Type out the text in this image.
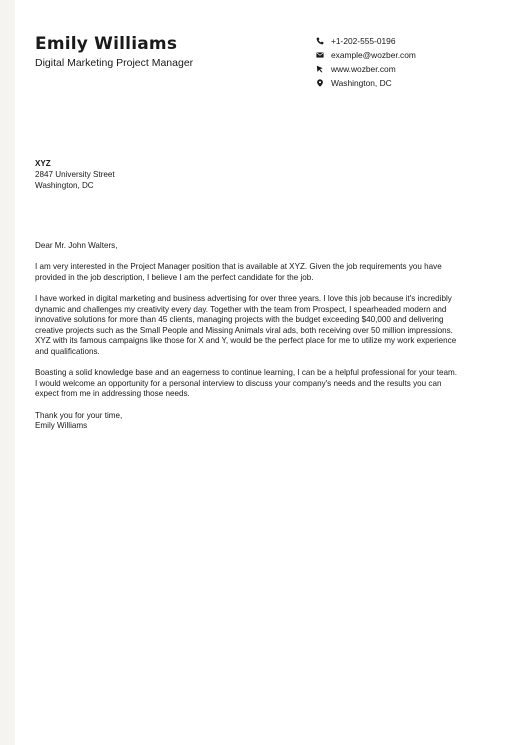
Emily Williams
Digital Marketing Project Manager
+1-202-555-0196
example@wozber.com
www.wozber.com
Washington, DC
XYZ
2847 University Street
Washington, DC

Dear Mr. John Walters,

I am very interested in the Project Manager position that is available at XYZ. Given the job requirements you have provided in the job description, I believe I am the perfect candidate for the job.

I have worked in digital marketing and business advertising for over three years. I love this job because it's incredibly dynamic and challenges my creativity every day. Together with the team from Prospect, I spearheaded modern and innovative solutions for more than 45 clients, managing projects with the budget exceeding $40,000 and delivering creative projects such as the Small People and Missing Animals viral ads, both receiving over 50 million impressions. XYZ with its famous campaigns like those for X and Y, would be the perfect place for me to utilize my work experience and qualifications.

Boasting a solid knowledge base and an eagerness to continue learning, I can be a helpful professional for your team. I would welcome an opportunity for a personal interview to discuss your company's needs and the results you can expect from me in addressing those needs.

Thank you for your time,

Emily Williams
